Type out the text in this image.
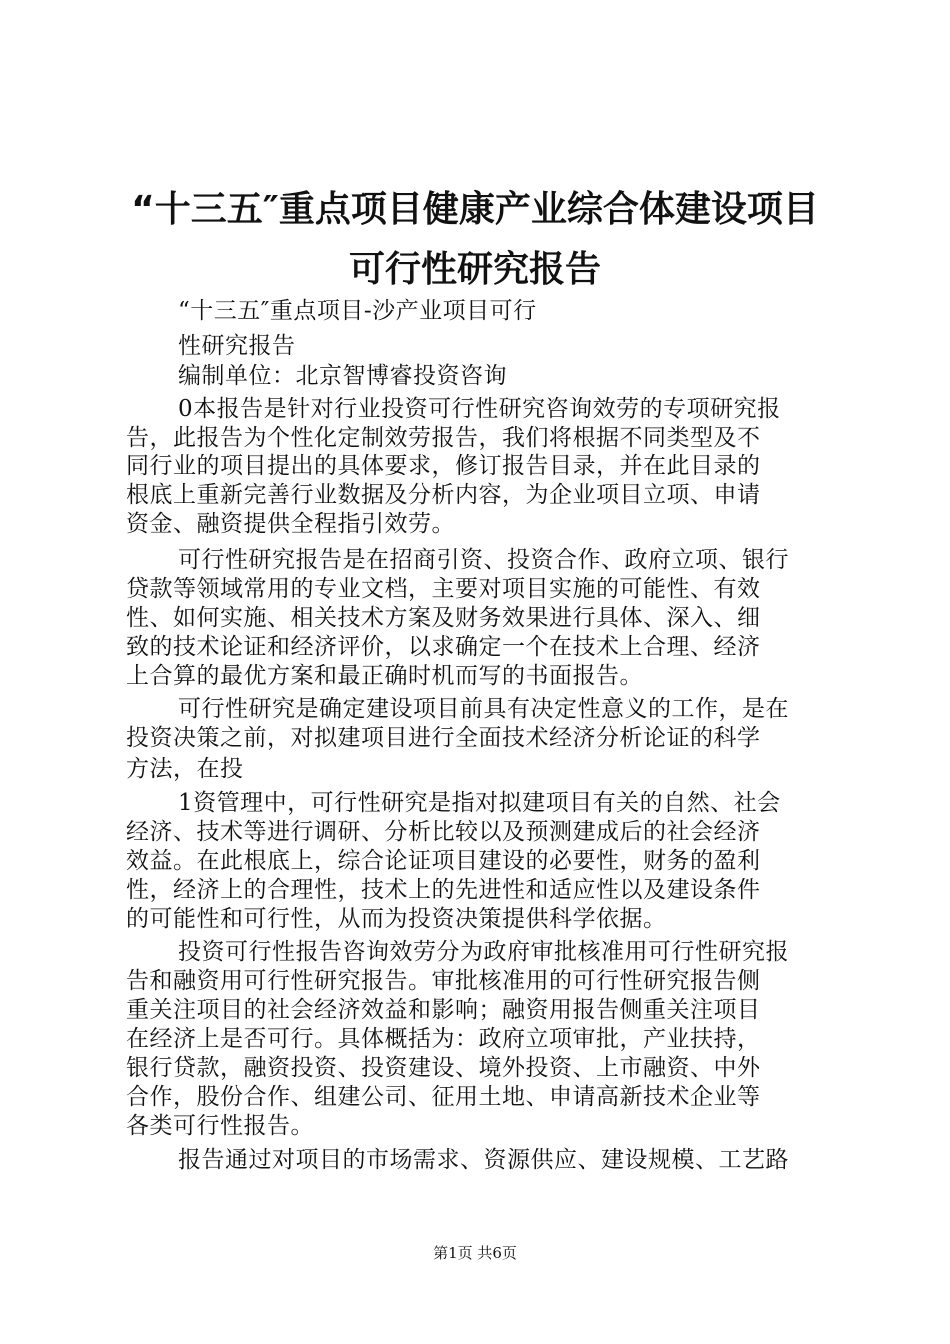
“十三五″重点项目健康产业综合体建设项目
可行性研究报告
“十三五″重点项目-沙产业项目可行
性研究报告
编制单位：北京智博睿投资咨询
0本报告是针对行业投资可行性研究咨询效劳的专项研究报
告，此报告为个性化定制效劳报告，我们将根据不同类型及不
同行业的项目提出的具体要求，修订报告目录，并在此目录的
根底上重新完善行业数据及分析内容，为企业项目立项、申请
资金、融资提供全程指引效劳。
可行性研究报告是在招商引资、投资合作、政府立项、银行
贷款等领域常用的专业文档，主要对项目实施的可能性、有效
性、如何实施、相关技术方案及财务效果进行具体、深入、细
致的技术论证和经济评价，以求确定一个在技术上合理、经济
上合算的最优方案和最正确时机而写的书面报告。
可行性研究是确定建设项目前具有决定性意义的工作，是在
投资决策之前，对拟建项目进行全面技术经济分析论证的科学
方法，在投
1资管理中，可行性研究是指对拟建项目有关的自然、社会
经济、技术等进行调研、分析比较以及预测建成后的社会经济
效益。在此根底上，综合论证项目建设的必要性，财务的盈利
性，经济上的合理性，技术上的先进性和适应性以及建设条件
的可能性和可行性，从而为投资决策提供科学依据。
投资可行性报告咨询效劳分为政府审批核准用可行性研究报
告和融资用可行性研究报告。审批核准用的可行性研究报告侧
重关注项目的社会经济效益和影响；融资用报告侧重关注项目
在经济上是否可行。具体概括为：政府立项审批，产业扶持，
银行贷款，融资投资、投资建设、境外投资、上市融资、中外
合作，股份合作、组建公司、征用土地、申请高新技术企业等
各类可行性报告。
报告通过对项目的市场需求、资源供应、建设规模、工艺路
第1页 共6页
